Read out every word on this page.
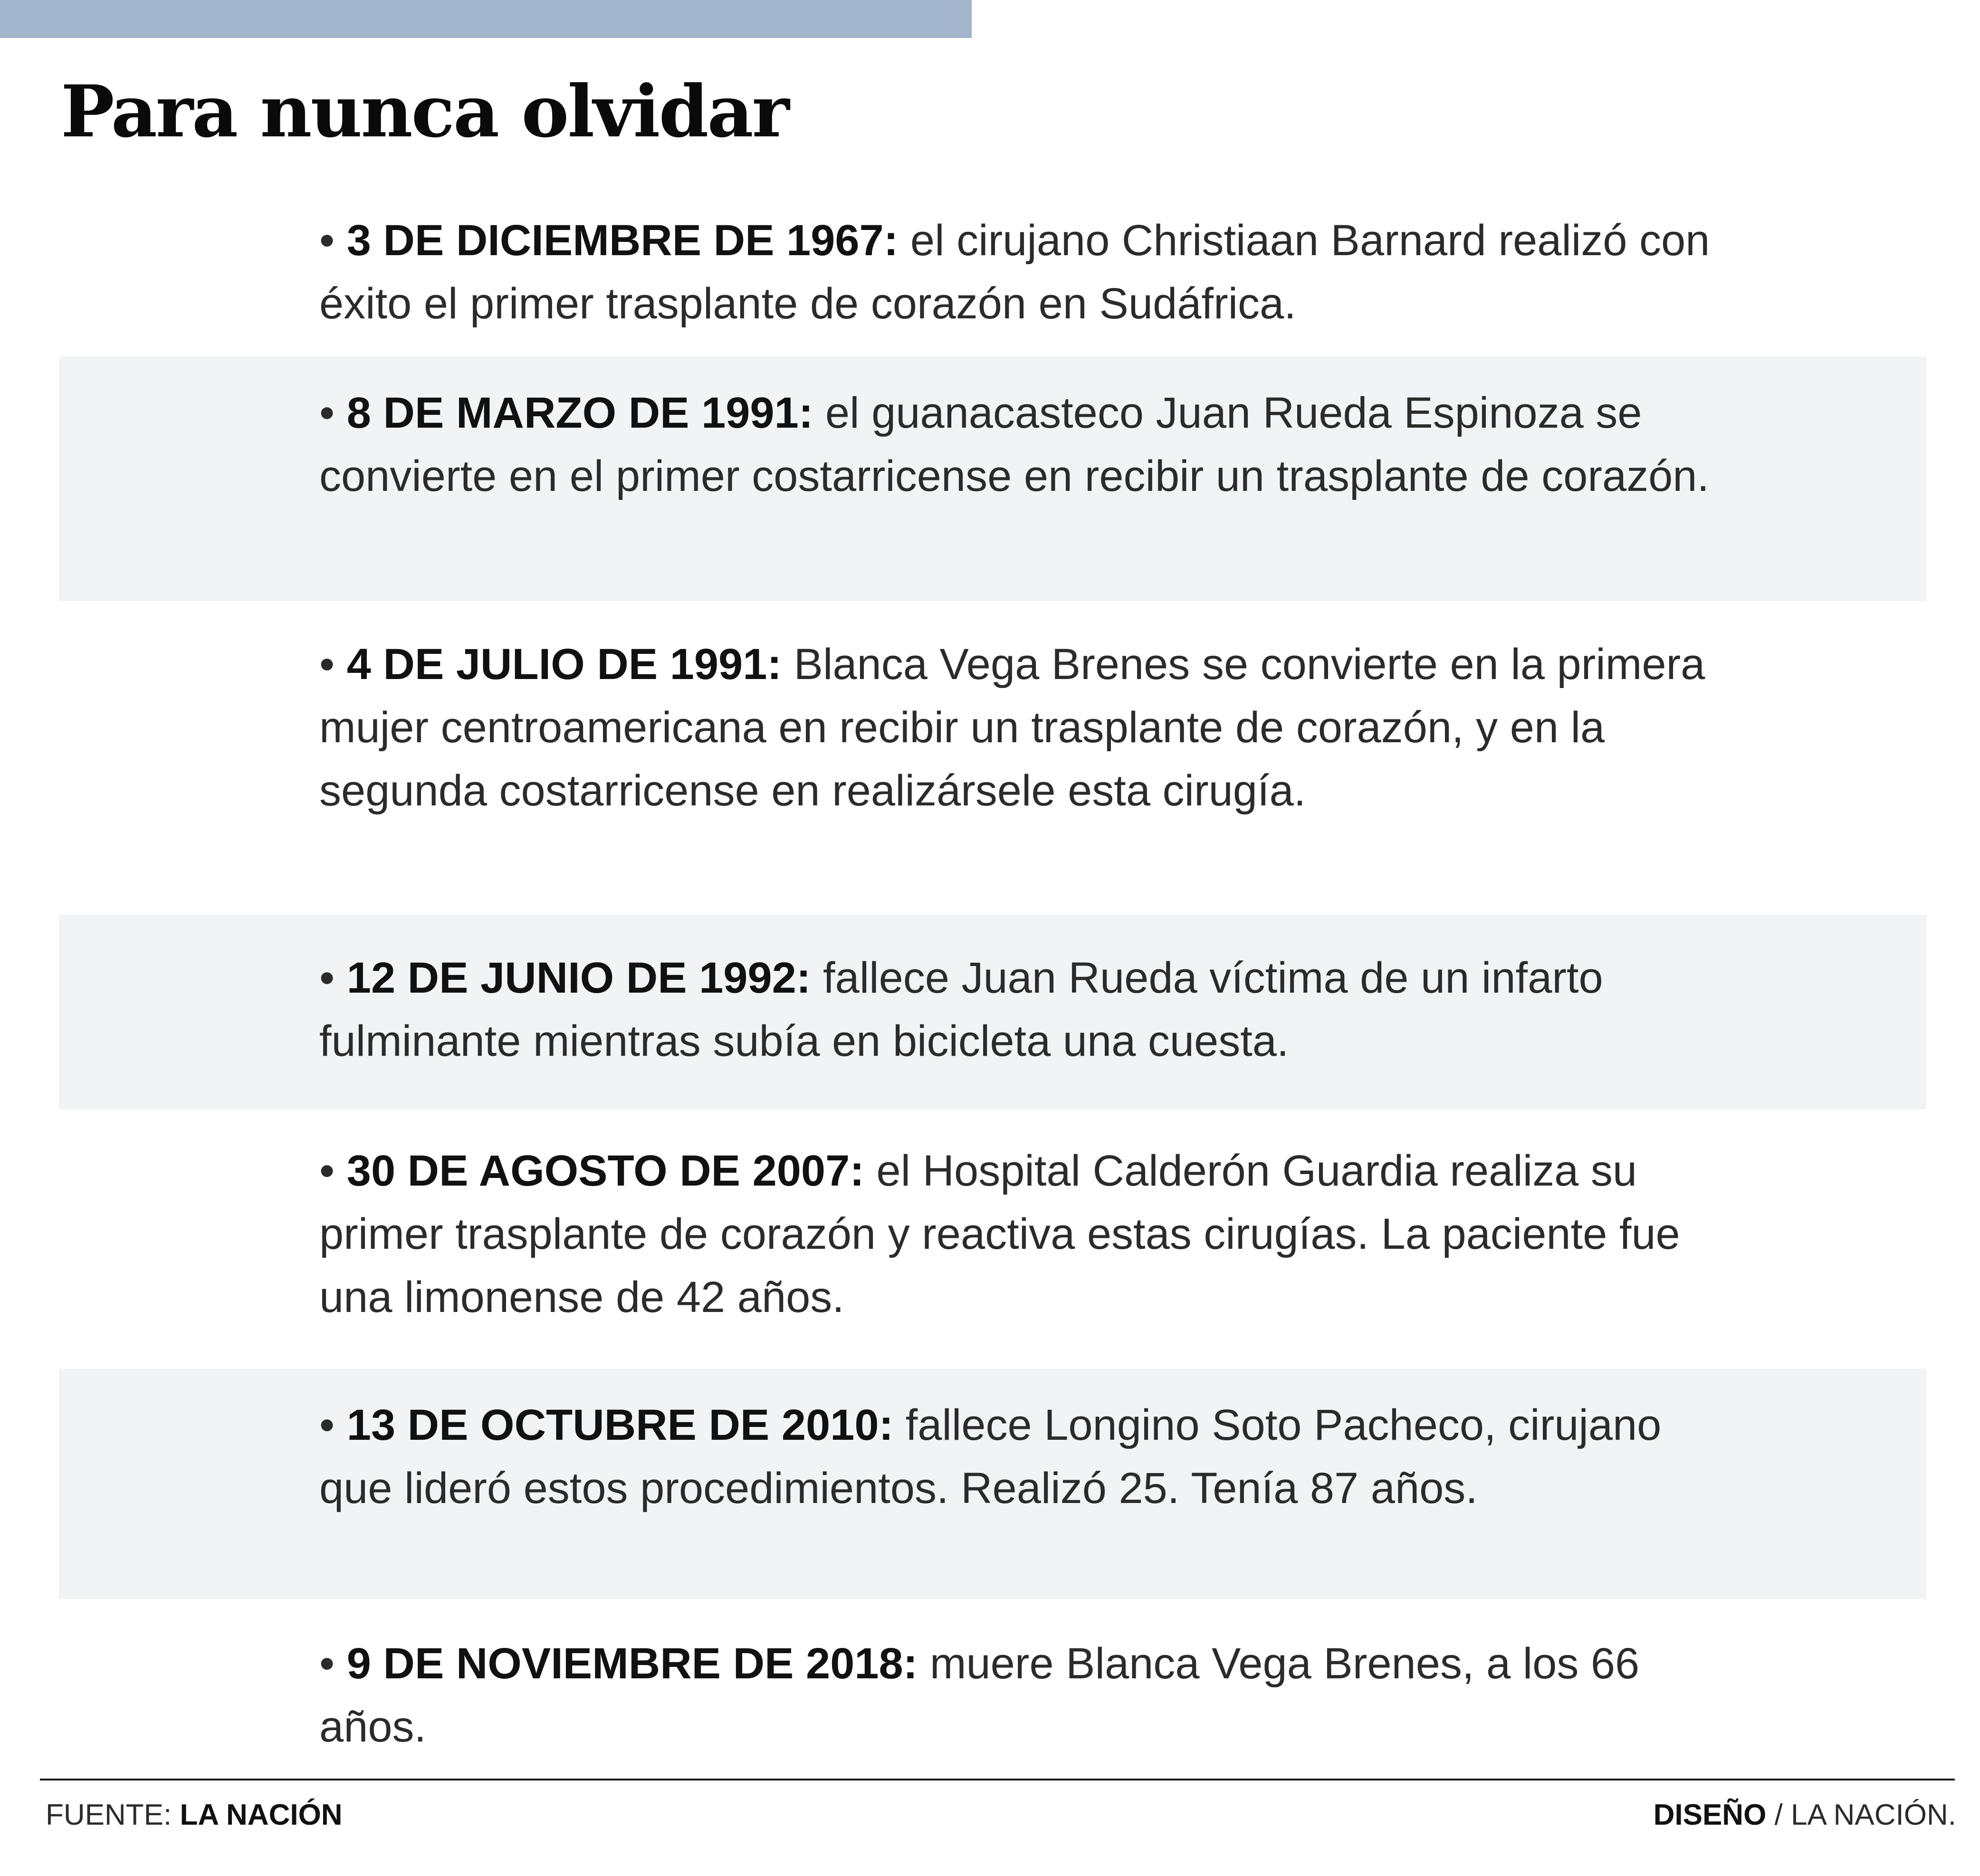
Para nunca olvidar

• 3 DE DICIEMBRE DE 1967: el cirujano Christiaan Barnard realizó con éxito el primer trasplante de corazón en Sudáfrica.

• 8 DE MARZO DE 1991: el guanacasteco Juan Rueda Espinoza se convierte en el primer costarricense en recibir un trasplante de corazón.

• 4 DE JULIO DE 1991: Blanca Vega Brenes se convierte en la primera mujer centroamericana en recibir un trasplante de corazón, y en la segunda costarricense en realizársele esta cirugía.

• 12 DE JUNIO DE 1992: fallece Juan Rueda víctima de un infarto fulminante mientras subía en bicicleta una cuesta.

• 30 DE AGOSTO DE 2007: el Hospital Calderón Guardia realiza su primer trasplante de corazón y reactiva estas cirugías. La paciente fue una limonense de 42 años.

• 13 DE OCTUBRE DE 2010: fallece Longino Soto Pacheco, cirujano que lideró estos procedimientos. Realizó 25. Tenía 87 años.

• 9 DE NOVIEMBRE DE 2018: muere Blanca Vega Brenes, a los 66 años.

FUENTE: LA NACIÓN	DISEÑO / LA NACIÓN.
